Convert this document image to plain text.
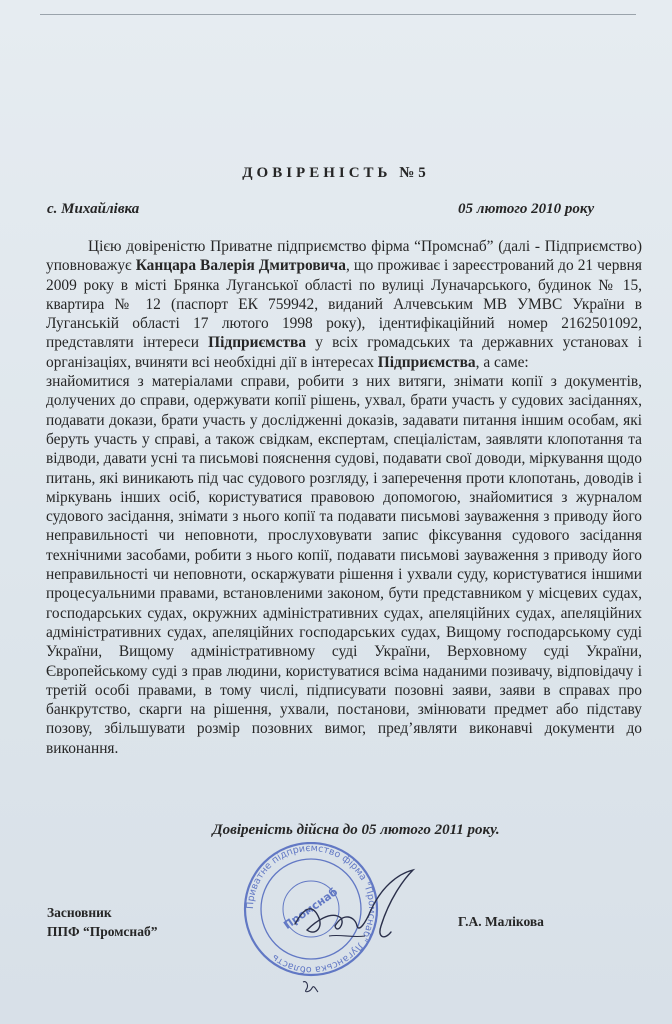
ДОВІРЕНІСТЬ №5
с. Михайлівка	05 лютого 2010 року

Цією довіреністю Приватне підприємство фірма “Промснаб” (далі - Підприємство) уповноважує Канцара Валерія Дмитровича, що проживає і зареєстрований до 21 червня 2009 року в місті Брянка Луганської області по вулиці Луначарського, будинок № 15, квартира № 12 (паспорт ЕК 759942, виданий Алчевським МВ УМВС України в Луганській області 17 лютого 1998 року), ідентифікаційний номер 2162501092, представляти інтереси Підприємства у всіх громадських та державних установах і організаціях, вчиняти всі необхідні дії в інтересах Підприємства, а саме:

знайомитися з матеріалами справи, робити з них витяги, знімати копії з документів, долучених до справи, одержувати копії рішень, ухвал, брати участь у судових засіданнях, подавати докази, брати участь у дослідженні доказів, задавати питання іншим особам, які беруть участь у справі, а також свідкам, експертам, спеціалістам, заявляти клопотання та відводи, давати усні та письмові пояснення судові, подавати свої доводи, міркування щодо питань, які виникають під час судового розгляду, і заперечення проти клопотань, доводів і міркувань інших осіб, користуватися правовою допомогою, знайомитися з журналом судового засідання, знімати з нього копії та подавати письмові зауваження з приводу його неправильності чи неповноти, прослуховувати запис фіксування судового засідання технічними засобами, робити з нього копії, подавати письмові зауваження з приводу його неправильності чи неповноти, оскаржувати рішення і ухвали суду, користуватися іншими процесуальними правами, встановленими законом, бути представником у місцевих судах, господарських судах, окружних адміністративних судах, апеляційних судах, апеляційних адміністративних судах, апеляційних господарських судах, Вищому господарському суді України, Вищому адміністративному суді України, Верховному суді України, Європейському суді з прав людини, користуватися всіма наданими позивачу, відповідачу і третій особі правами, в тому числі, підписувати позовні заяви, заяви в справах про банкрутство, скарги на рішення, ухвали, постанови, змінювати предмет або підставу позову, збільшувати розмір позовних вимог, пред’являти виконавчі документи до виконання.

Довіреність дійсна до 05 лютого 2011 року.
Засновник
ППФ “Промснаб”
Г.А. Малікова
Приватне підприємство фірма "Промснаб" Луганська область
Промснаб
